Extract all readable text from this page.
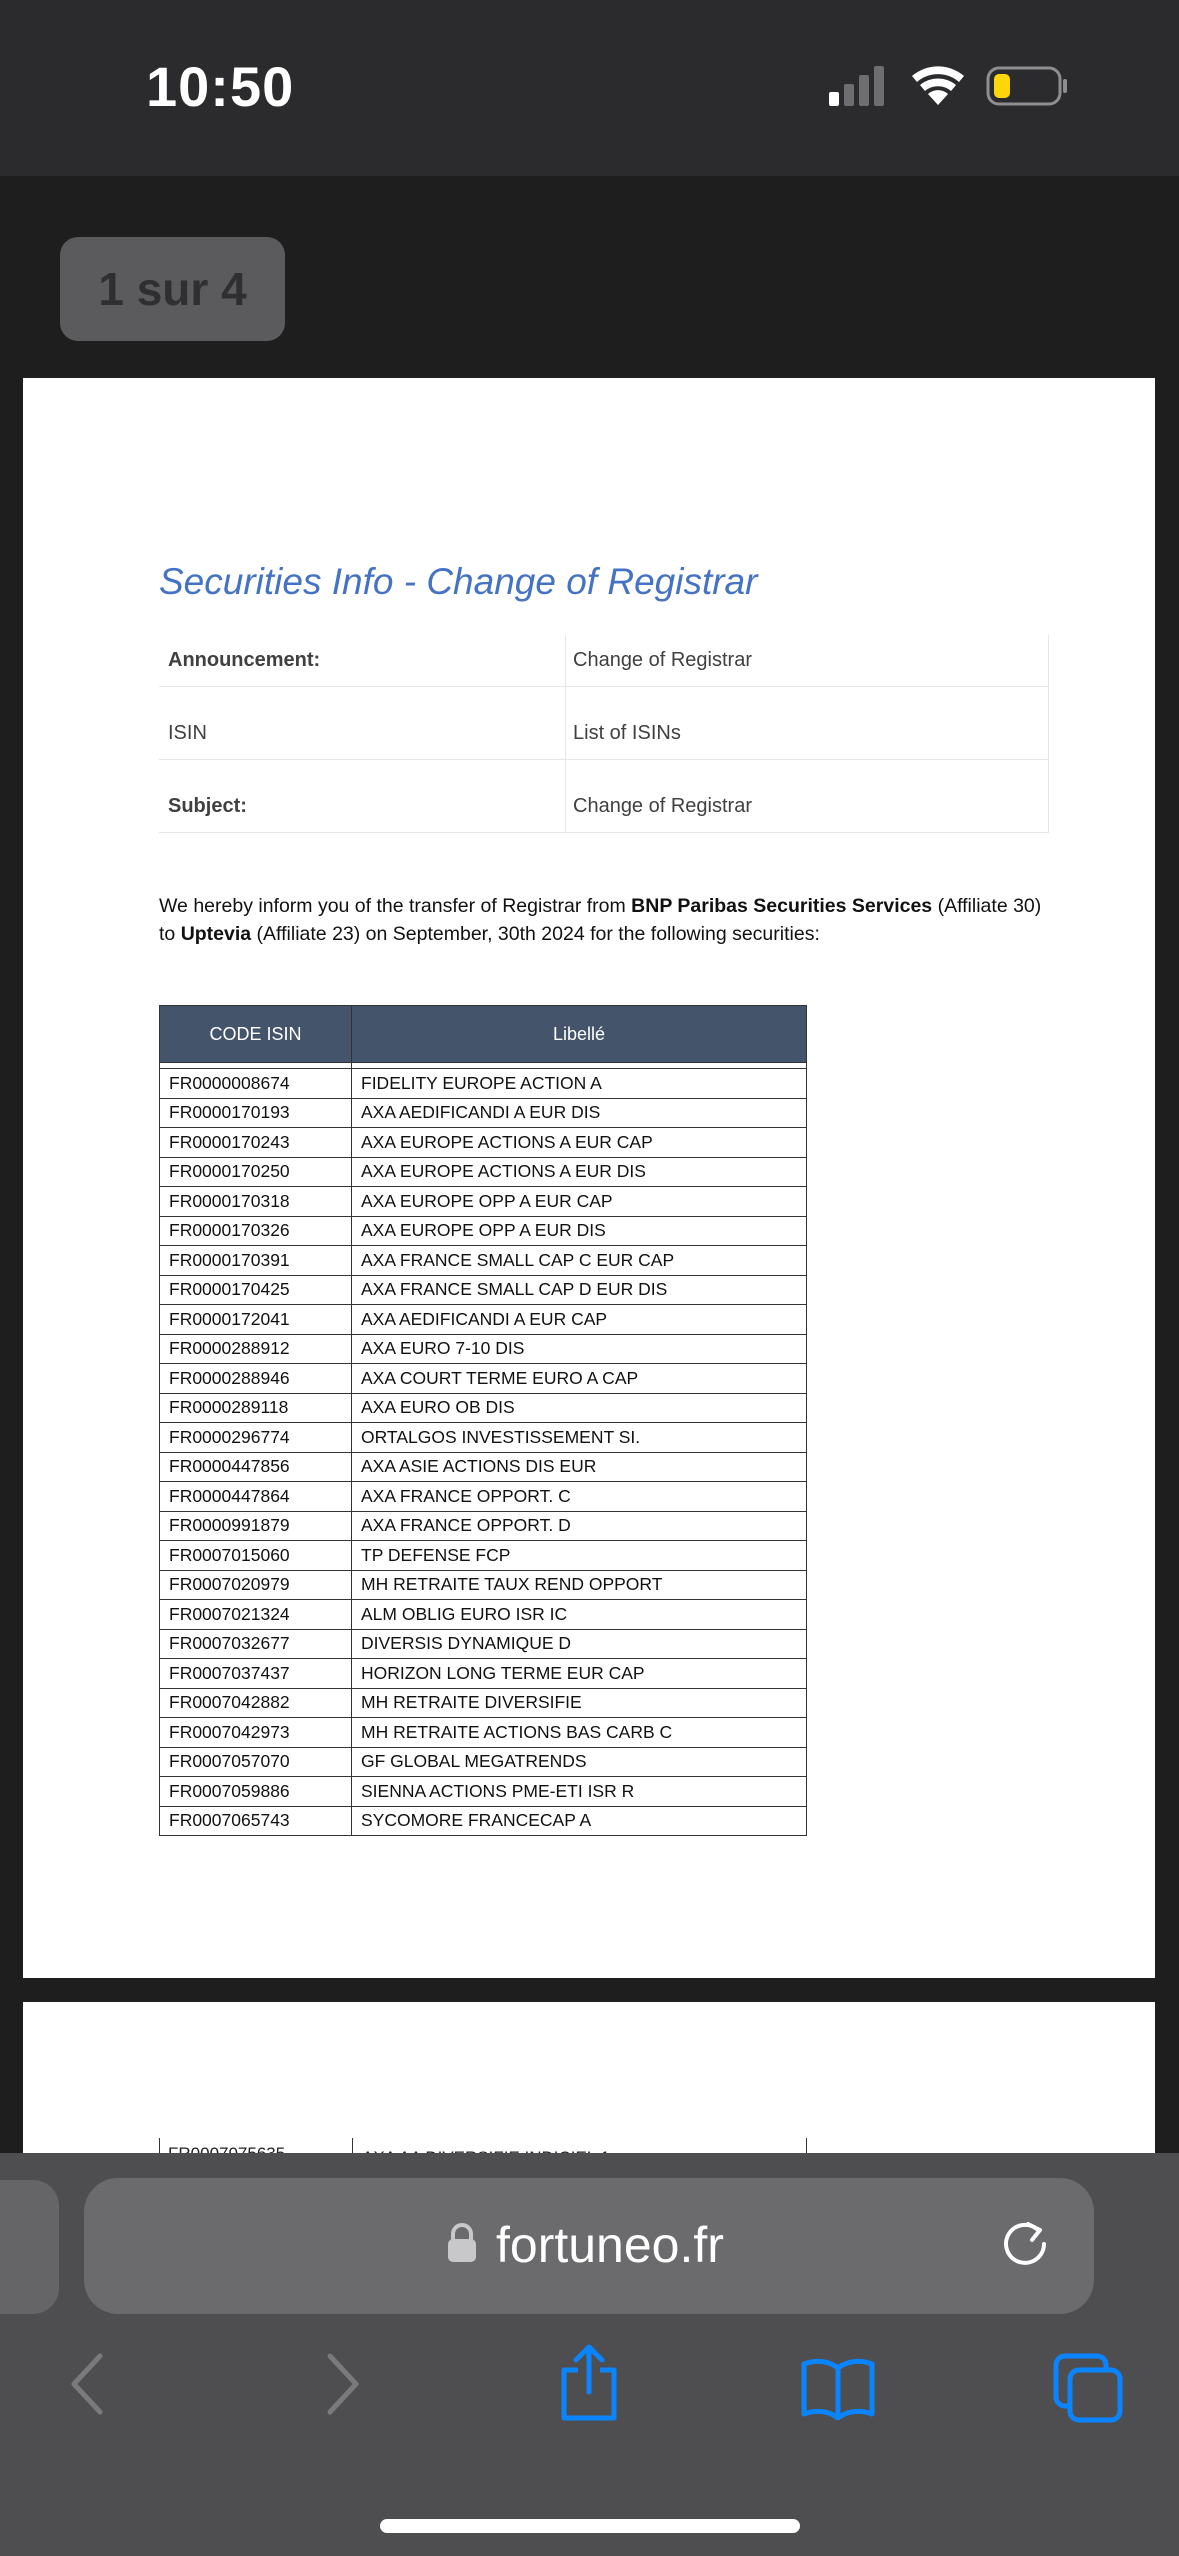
10:50
1 sur 4
Securities Info - Change of Registrar
Announcement:	Change of Registrar
ISIN	List of ISINs
Subject:	Change of Registrar
We hereby inform you of the transfer of Registrar from BNP Paribas Securities Services (Affiliate 30)
to Uptevia (Affiliate 23) on September, 30th 2024 for the following securities:
CODE ISIN	Libellé

FR0000008674	FIDELITY EUROPE ACTION A
FR0000170193	AXA AEDIFICANDI A EUR DIS
FR0000170243	AXA EUROPE ACTIONS A EUR CAP
FR0000170250	AXA EUROPE ACTIONS A EUR DIS
FR0000170318	AXA EUROPE OPP A EUR CAP
FR0000170326	AXA EUROPE OPP A EUR DIS
FR0000170391	AXA FRANCE SMALL CAP C EUR CAP
FR0000170425	AXA FRANCE SMALL CAP D EUR DIS
FR0000172041	AXA AEDIFICANDI A EUR CAP
FR0000288912	AXA EURO 7-10 DIS
FR0000288946	AXA COURT TERME EURO A CAP
FR0000289118	AXA EURO OB DIS
FR0000296774	ORTALGOS INVESTISSEMENT SI.
FR0000447856	AXA ASIE ACTIONS DIS EUR
FR0000447864	AXA FRANCE OPPORT. C
FR0000991879	AXA FRANCE OPPORT. D
FR0007015060	TP DEFENSE FCP
FR0007020979	MH RETRAITE TAUX REND OPPORT
FR0007021324	ALM OBLIG EURO ISR IC
FR0007032677	DIVERSIS DYNAMIQUE D
FR0007037437	HORIZON LONG TERME EUR CAP
FR0007042882	MH RETRAITE DIVERSIFIE
FR0007042973	MH RETRAITE ACTIONS BAS CARB C
FR0007057070	GF GLOBAL MEGATRENDS
FR0007059886	SIENNA ACTIONS PME-ETI ISR R
FR0007065743	SYCOMORE FRANCECAP A
fortuneo.fr
